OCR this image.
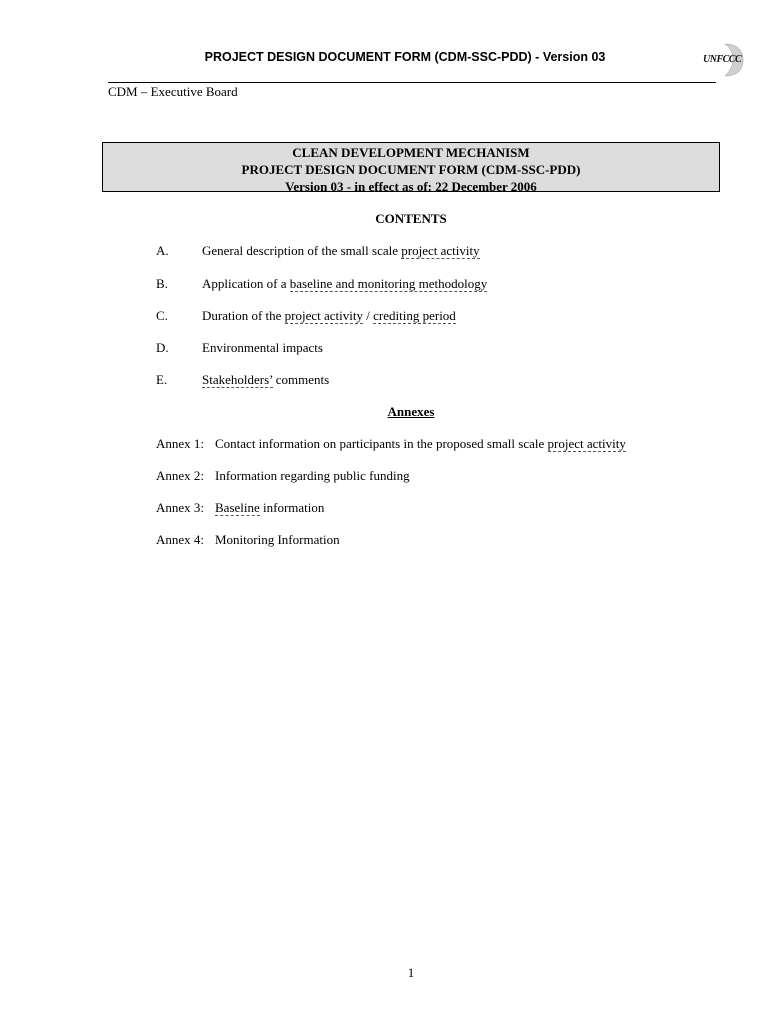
PROJECT DESIGN DOCUMENT FORM (CDM-SSC-PDD) - Version 03	UNFCCC
CDM – Executive Board
CLEAN DEVELOPMENT MECHANISM
PROJECT DESIGN DOCUMENT FORM (CDM-SSC-PDD)
Version 03 - in effect as of: 22 December 2006
CONTENTS
A.	General description of the small scale project activity
B.	Application of a baseline and monitoring methodology
C.	Duration of the project activity / crediting period
D.	Environmental impacts
E.	Stakeholders’ comments
Annexes
Annex 1: Contact information on participants in the proposed small scale project activity
Annex 2: Information regarding public funding
Annex 3: Baseline information
Annex 4: Monitoring Information
1
